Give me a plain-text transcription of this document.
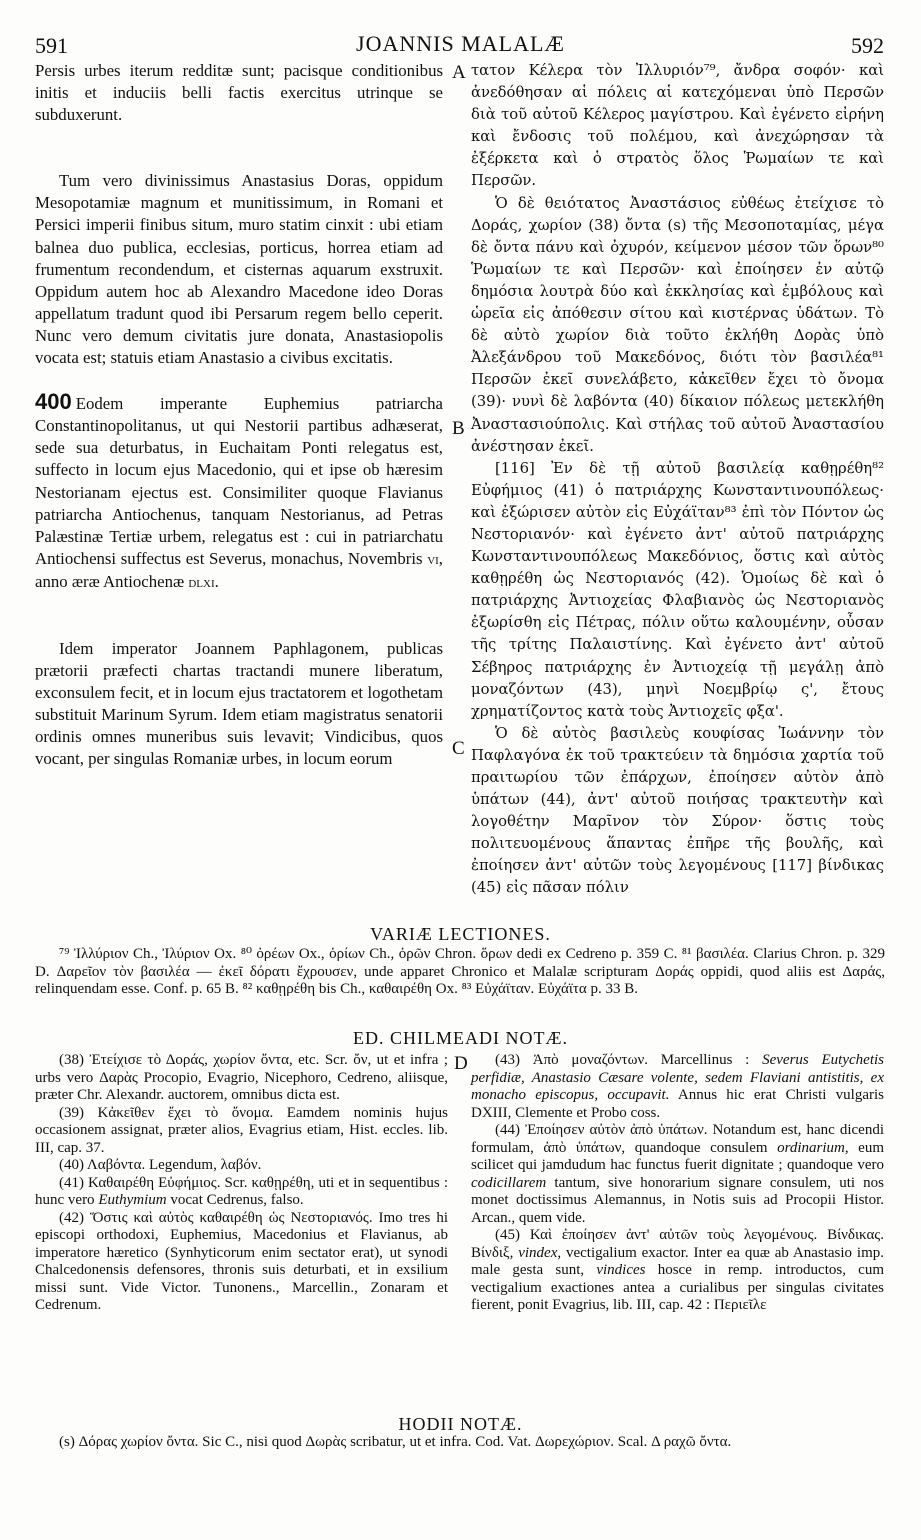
591	JOANNIS MALALÆ	592
A
B
C
D

Persis urbes iterum redditæ sunt; pacisque conditionibus initis et induciis belli factis exercitus utrinque se subduxerunt.

Tum vero divinissimus Anastasius Doras, oppidum Mesopotamiæ magnum et munitissimum, in Romani et Persici imperii finibus situm, muro statim cinxit : ubi etiam balnea duo publica, ecclesias, porticus, horrea etiam ad frumentum recondendum, et cisternas aquarum exstruxit. Oppidum autem hoc ab Alexandro Macedone ideo Doras appellatum tradunt quod ibi Persarum regem bello ceperit. Nunc vero demum civitatis jure donata, Anastasiopolis vocata est; statuis etiam Anastasio a civibus excitatis.

400 Eodem imperante Euphemius patriarcha Constantinopolitanus, ut qui Nestorii partibus adhæserat, sede sua deturbatus, in Euchaitam Ponti relegatus est, suffecto in locum ejus Macedonio, qui et ipse ob hæresim Nestorianam ejectus est. Consimiliter quoque Flavianus patriarcha Antiochenus, tanquam Nestorianus, ad Petras Palæstinæ Tertiæ urbem, relegatus est : cui in patriarchatu Antiochensi suffectus est Severus, monachus, Novembris vi, anno æræ Antiochenæ dlxi.

Idem imperator Joannem Paphlagonem, publicas prætorii præfecti chartas tractandi munere liberatum, exconsulem fecit, et in locum ejus tractatorem et logothetam substituit Marinum Syrum. Idem etiam magistratus senatorii ordinis omnes muneribus suis levavit; Vindicibus, quos vocant, per singulas Romaniæ urbes, in locum eorum

τατον Κέλερα τὸν Ἰλλυριόν⁷⁹, ἄνδρα σοφόν· καὶ ἀνεδόθησαν αἱ πόλεις αἱ κατεχόμεναι ὑπὸ Περσῶν διὰ τοῦ αὐτοῦ Κέλερος μαγίστρου. Καὶ ἐγένετο εἰρήνη καὶ ἔνδοσις τοῦ πολέμου, καὶ ἀνεχώρησαν τὰ ἐξέρκετα καὶ ὁ στρατὸς ὅλος Ῥωμαίων τε καὶ Περσῶν.

Ὁ δὲ θειότατος Ἀναστάσιος εὐθέως ἐτείχισε τὸ Δοράς, χωρίον (38) ὄντα (s) τῆς Μεσοποταμίας, μέγα δὲ ὄντα πάνυ καὶ ὀχυρόν, κείμενον μέσον τῶν ὅρων⁸⁰ Ῥωμαίων τε καὶ Περσῶν· καὶ ἐποίησεν ἐν αὐτῷ δημόσια λουτρὰ δύο καὶ ἐκκλησίας καὶ ἐμβόλους καὶ ὡρεῖα εἰς ἀπόθεσιν σίτου καὶ κιστέρνας ὑδάτων. Τὸ δὲ αὐτὸ χωρίον διὰ τοῦτο ἐκλήθη Δορὰς ὑπὸ Ἀλεξάνδρου τοῦ Μακεδόνος, διότι τὸν βασιλέα⁸¹ Περσῶν ἐκεῖ συνελάβετο, κἀκεῖθεν ἔχει τὸ ὄνομα (39)· νυνὶ δὲ λαβόντα (40) δίκαιον πόλεως μετεκλήθη Ἀναστασιούπολις. Καὶ στήλας τοῦ αὐτοῦ Ἀναστασίου ἀνέστησαν ἐκεῖ.

[116] Ἐν δὲ τῇ αὐτοῦ βασιλείᾳ καθῃρέθη⁸² Εὐφήμιος (41) ὁ πατριάρχης Κωνσταντινουπόλεως· καὶ ἐξώρισεν αὐτὸν εἰς Εὐχάϊταν⁸³ ἐπὶ τὸν Πόντον ὡς Νεστοριανόν· καὶ ἐγένετο ἀντ' αὐτοῦ πατριάρχης Κωνσταντινουπόλεως Μακεδόνιος, ὅστις καὶ αὐτὸς καθῃρέθη ὡς Νεστοριανός (42). Ὁμοίως δὲ καὶ ὁ πατριάρχης Ἀντιοχείας Φλαβιανὸς ὡς Νεστοριανὸς ἐξωρίσθη εἰς Πέτρας, πόλιν οὕτω καλουμένην, οὖσαν τῆς τρίτης Παλαιστίνης. Καὶ ἐγένετο ἀντ' αὐτοῦ Σέβηρος πατριάρχης ἐν Ἀντιοχείᾳ τῇ μεγάλῃ ἀπὸ μοναζόντων (43), μηνὶ Νοεμβρίῳ ς', ἔτους χρηματίζοντος κατὰ τοὺς Ἀντιοχεῖς φξα'.

Ὁ δὲ αὐτὸς βασιλεὺς κουφίσας Ἰωάννην τὸν Παφλαγόνα ἐκ τοῦ τρακτεύειν τὰ δημόσια χαρτία τοῦ πραιτωρίου τῶν ἐπάρχων, ἐποίησεν αὐτὸν ἀπὸ ὑπάτων (44), ἀντ' αὐτοῦ ποιήσας τρακτευτὴν καὶ λογοθέτην Μαρῖνον τὸν Σύρον· ὅστις τοὺς πολιτευομένους ἅπαντας ἐπῆρε τῆς βουλῆς, καὶ ἐποίησεν ἀντ' αὐτῶν τοὺς λεγομένους [117] βίνδικας (45) εἰς πᾶσαν πόλιν

VARIÆ LECTIONES.

⁷⁹ Ἰλλύριον Ch., Ἰλύριον Ox. ⁸⁰ ὀρέων Ox., ὁρίων Ch., ὀρῶν Chron. ὅρων dedi ex Cedreno p. 359 C. ⁸¹ βασιλέα. Clarius Chron. p. 329 D. Δαρεῖον τὸν βασιλέα — ἐκεῖ δόρατι ἔχρουσεν, unde apparet Chronico et Malalæ scripturam Δοράς oppidi, quod aliis est Δαράς, relinquendam esse. Conf. p. 65 B. ⁸² καθῃρέθη bis Ch., καθαιρέθη Ox. ⁸³ Εὐχάϊταν. Εὐχάϊτα p. 33 B.

ED. CHILMEADI NOTÆ.

(38) Ἐτείχισε τὸ Δοράς, χωρίον ὄντα, etc. Scr. ὄν, ut et infra ; urbs vero Δαρὰς Procopio, Evagrio, Nicephoro, Cedreno, aliisque, præter Chr. Alexandr. auctorem, omnibus dicta est.

(39) Κἀκεῖθεν ἔχει τὸ ὄνομα. Eamdem nominis hujus occasionem assignat, præter alios, Evagrius etiam, Hist. eccles. lib. III, cap. 37.

(40) Λαβόντα. Legendum, λαβόν.

(41) Καθαιρέθη Εὐφήμιος. Scr. καθῃρέθη, uti et in sequentibus : hunc vero Euthymium vocat Cedrenus, falso.

(42) Ὅστις καὶ αὐτὸς καθαιρέθη ὡς Νεστοριανός. Imo tres hi episcopi orthodoxi, Euphemius, Macedonius et Flavianus, ab imperatore hæretico (Synhyticorum enim sectator erat), ut synodi Chalcedonensis defensores, thronis suis deturbati, et in exsilium missi sunt. Vide Victor. Tunonens., Marcellin., Zonaram et Cedrenum.

(43) Ἀπὸ μοναζόντων. Marcellinus : Severus Eutychetis perfidiæ, Anastasio Cæsare volente, sedem Flaviani antistitis, ex monacho episcopus, occupavit. Annus hic erat Christi vulgaris DXIII, Clemente et Probo coss.

(44) Ἐποίησεν αὐτὸν ἀπὸ ὑπάτων. Notandum est, hanc dicendi formulam, ἀπὸ ὑπάτων, quandoque consulem ordinarium, eum scilicet qui jamdudum hac functus fuerit dignitate ; quandoque vero codicillarem tantum, sive honorarium signare consulem, uti nos monet doctissimus Alemannus, in Notis suis ad Procopii Histor. Arcan., quem vide.

(45) Καὶ ἐποίησεν ἀντ' αὐτῶν τοὺς λεγομένους. Βίνδικας. Βίνδιξ, vindex, vectigalium exactor. Inter ea quæ ab Anastasio imp. male gesta sunt, vindices hosce in remp. introductos, cum vectigalium exactiones antea a curialibus per singulas civitates fierent, ponit Evagrius, lib. III, cap. 42 : Περιεῖλε

HODII NOTÆ.

(s) Δόρας χωρίον ὄντα. Sic C., nisi quod Δωρὰς scribatur, ut et infra. Cod. Vat. Δωρεχώριον. Scal. Δ ραχῶ ὄντα.
